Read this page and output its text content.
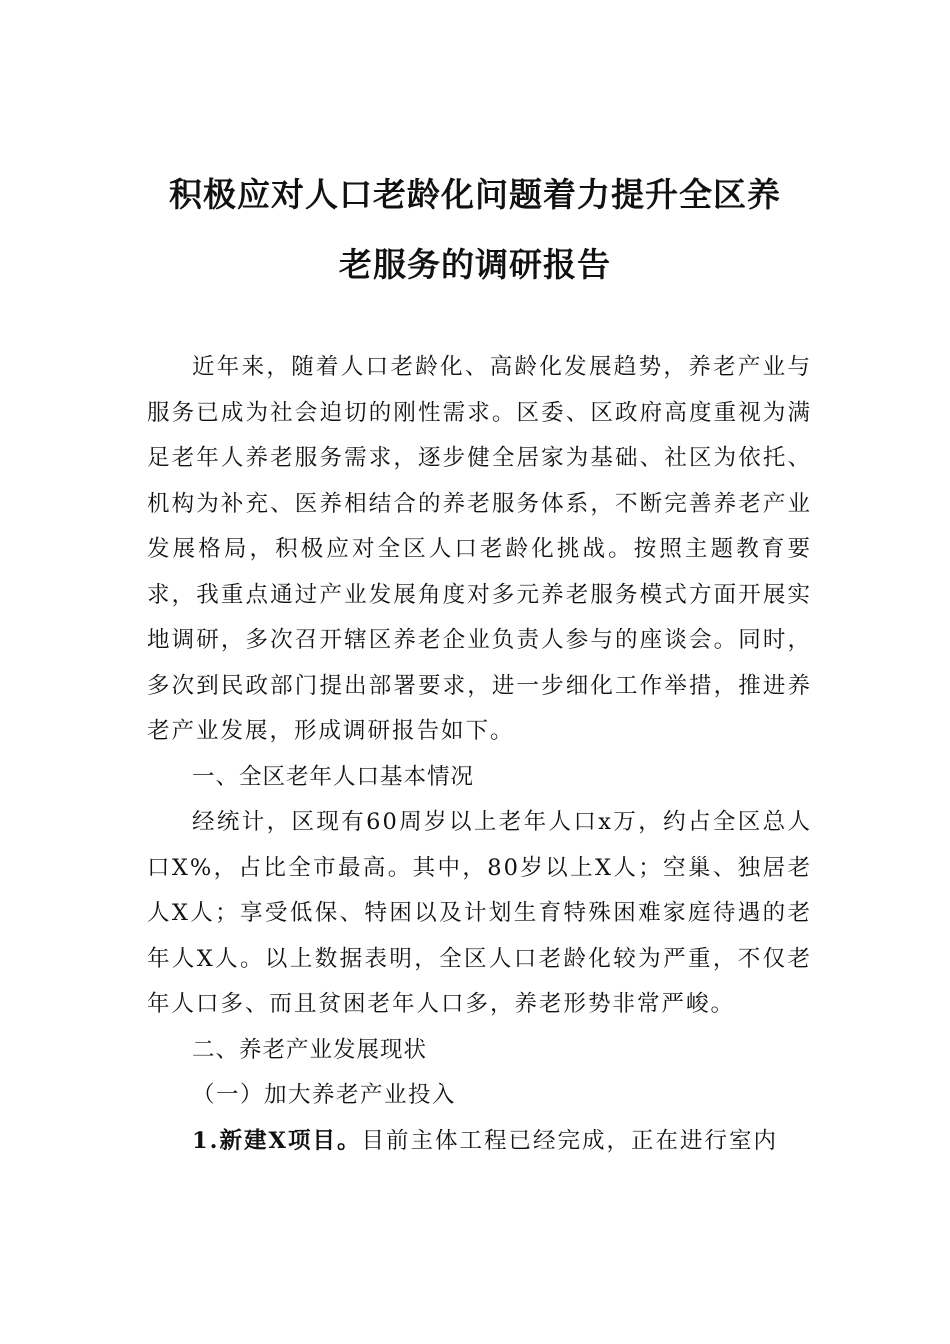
积极应对人口老龄化问题着力提升全区养
老服务的调研报告

近年来，随着人口老龄化、高龄化发展趋势，养老产业与服务已成为社会迫切的刚性需求。区委、区政府高度重视为满足老年人养老服务需求，逐步健全居家为基础、社区为依托、机构为补充、医养相结合的养老服务体系，不断完善养老产业发展格局，积极应对全区人口老龄化挑战。按照主题教育要求，我重点通过产业发展角度对多元养老服务模式方面开展实地调研，多次召开辖区养老企业负责人参与的座谈会。同时，多次到民政部门提出部署要求，进一步细化工作举措，推进养老产业发展，形成调研报告如下。

一、全区老年人口基本情况

经统计，区现有60周岁以上老年人口x万，约占全区总人口X%，占比全市最高。其中，80岁以上X人；空巢、独居老人X人；享受低保、特困以及计划生育特殊困难家庭待遇的老年人X人。以上数据表明，全区人口老龄化较为严重，不仅老年人口多、而且贫困老年人口多，养老形势非常严峻。

二、养老产业发展现状

（一）加大养老产业投入

1.新建X项目。目前主体工程已经完成，正在进行室内
